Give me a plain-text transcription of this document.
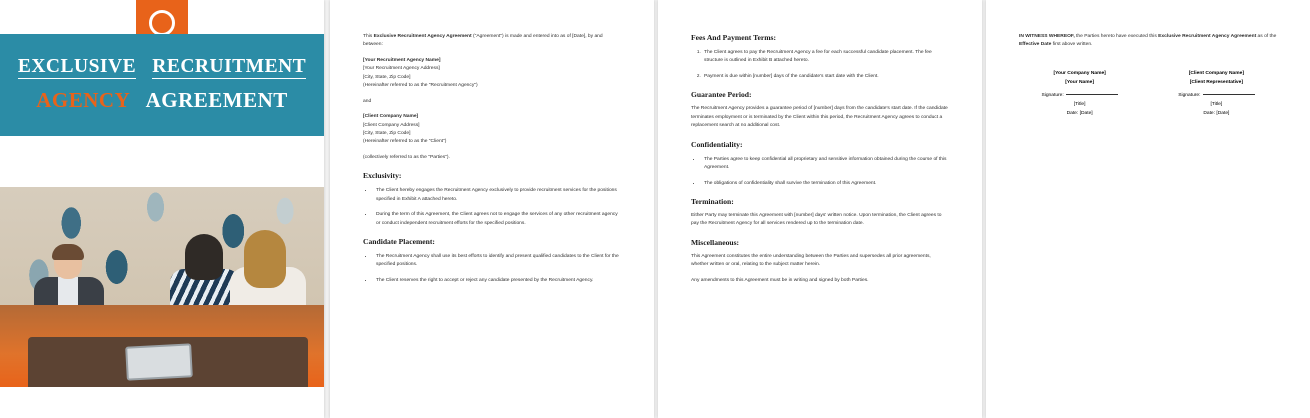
EXCLUSIVE RECRUITMENT
AGENCY AGREEMENT

This Exclusive Recruitment Agency Agreement ("Agreement") is made and entered into as of [Date], by and between:

[Your Recruitment Agency Name]

[Your Recruitment Agency Address]
[City, State, Zip Code]
(Hereinafter referred to as the "Recruitment Agency")

and

[Client Company Name]

[Client Company Address]
[City, State, Zip Code]
(Hereinafter referred to as the "Client")

(collectively referred to as the "Parties").

Exclusivity:
• The Client hereby engages the Recruitment Agency exclusively to provide recruitment services for the positions specified in Exhibit A attached hereto.
• During the term of this Agreement, the Client agrees not to engage the services of any other recruitment agency or conduct independent recruitment efforts for the specified positions.
Candidate Placement:
• The Recruitment Agency shall use its best efforts to identify and present qualified candidates to the Client for the specified positions.
• The Client reserves the right to accept or reject any candidate presented by the Recruitment Agency.
Fees And Payment Terms:
1. The Client agrees to pay the Recruitment Agency a fee for each successful candidate placement. The fee structure is outlined in Exhibit B attached hereto.
2. Payment is due within [number] days of the candidate's start date with the Client.
Guarantee Period:

The Recruitment Agency provides a guarantee period of [number] days from the candidate's start date. If the candidate terminates employment or is terminated by the Client within this period, the Recruitment Agency agrees to conduct a replacement search at no additional cost.

Confidentiality:
• The Parties agree to keep confidential all proprietary and sensitive information obtained during the course of this Agreement.
• The obligations of confidentiality shall survive the termination of this Agreement.
Termination:

Either Party may terminate this Agreement with [number] days' written notice. Upon termination, the Client agrees to pay the Recruitment Agency for all services rendered up to the termination date.

Miscellaneous:

This Agreement constitutes the entire understanding between the Parties and supersedes all prior agreements, whether written or oral, relating to the subject matter herein.

Any amendments to this Agreement must be in writing and signed by both Parties.

IN WITNESS WHEREOF, the Parties hereto have executed this Exclusive Recruitment Agency Agreement as of the Effective Date first above written.

[Your Company Name]
[Your Name]
Signature:
[Title]
Date: [Date]
[Client Company Name]
[Client Representative]
Signature:
[Title]
Date: [Date]
